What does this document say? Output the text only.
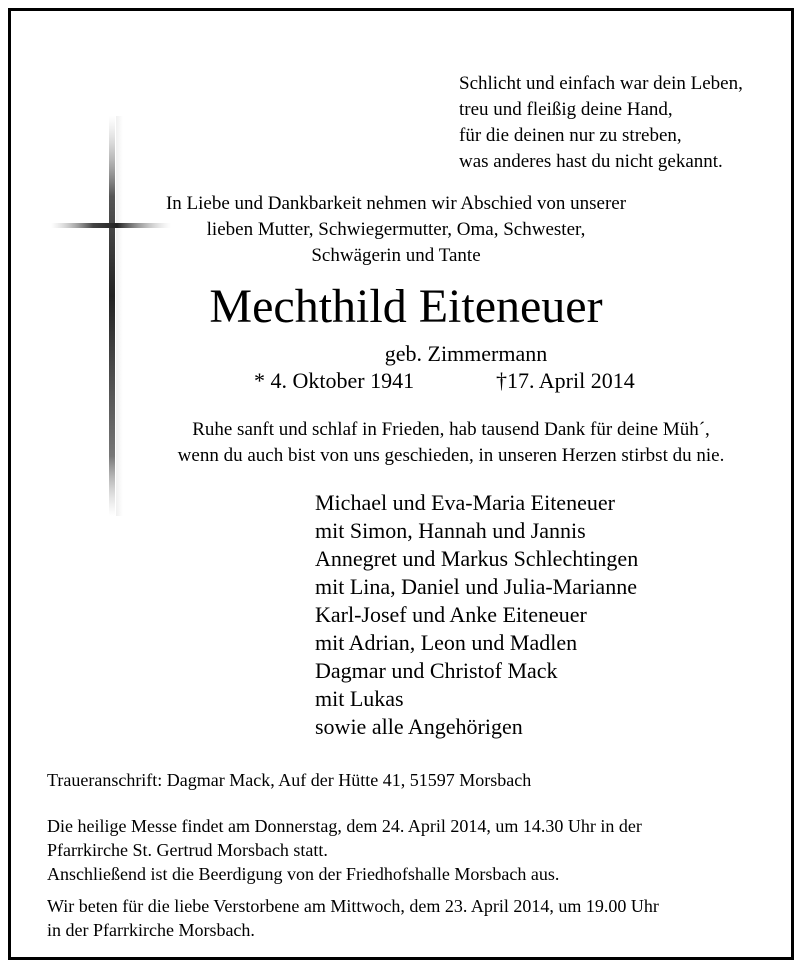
Schlicht und einfach war dein Leben,
treu und fleißig deine Hand,
für die deinen nur zu streben,
was anderes hast du nicht gekannt.
In Liebe und Dankbarkeit nehmen wir Abschied von unserer
lieben Mutter, Schwiegermutter, Oma, Schwester,
Schwägerin und Tante
Mechthild Eiteneuer
geb. Zimmermann
* 4. Oktober 1941	†17. April 2014
Ruhe sanft und schlaf in Frieden, hab tausend Dank für deine Müh´,
wenn du auch bist von uns geschieden, in unseren Herzen stirbst du nie.
Michael und Eva-Maria Eiteneuer
mit Simon, Hannah und Jannis
Annegret und Markus Schlechtingen
mit Lina, Daniel und Julia-Marianne
Karl-Josef und Anke Eiteneuer
mit Adrian, Leon und Madlen
Dagmar und Christof Mack
mit Lukas
sowie alle Angehörigen
Traueranschrift: Dagmar Mack, Auf der Hütte 41, 51597 Morsbach
Die heilige Messe findet am Donnerstag, dem 24. April 2014, um 14.30 Uhr in der
Pfarrkirche St. Gertrud Morsbach statt.
Anschließend ist die Beerdigung von der Friedhofshalle Morsbach aus.
Wir beten für die liebe Verstorbene am Mittwoch, dem 23. April 2014, um 19.00 Uhr
in der Pfarrkirche Morsbach.
